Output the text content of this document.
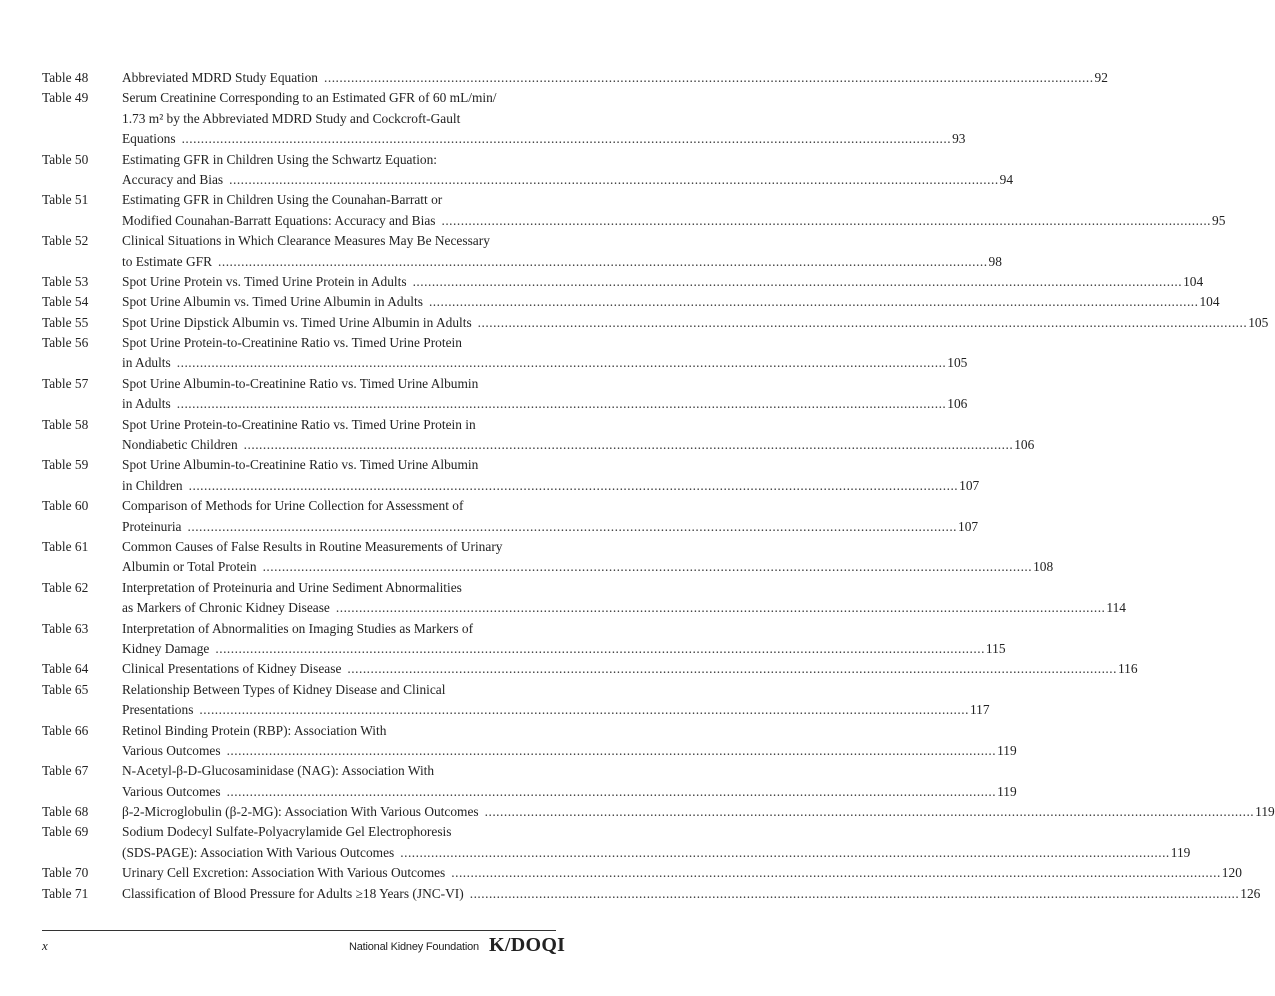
Table 48	Abbreviated MDRD Study Equation ........................................................................................................................................................................................................ 92
Table 49	Serum Creatinine Corresponding to an Estimated GFR of 60 mL/min/
1.73 m² by the Abbreviated MDRD Study and Cockcroft-Gault
Equations ........................................................................................................................................................................................................ 93
Table 50	Estimating GFR in Children Using the Schwartz Equation:
Accuracy and Bias ........................................................................................................................................................................................................ 94
Table 51	Estimating GFR in Children Using the Counahan-Barratt or
Modified Counahan-Barratt Equations: Accuracy and Bias ........................................................................................................................................................................................................ 95
Table 52	Clinical Situations in Which Clearance Measures May Be Necessary
to Estimate GFR ........................................................................................................................................................................................................ 98
Table 53	Spot Urine Protein vs. Timed Urine Protein in Adults ........................................................................................................................................................................................................ 104
Table 54	Spot Urine Albumin vs. Timed Urine Albumin in Adults ........................................................................................................................................................................................................ 104
Table 55	Spot Urine Dipstick Albumin vs. Timed Urine Albumin in Adults ........................................................................................................................................................................................................ 105
Table 56	Spot Urine Protein-to-Creatinine Ratio vs. Timed Urine Protein
in Adults ........................................................................................................................................................................................................ 105
Table 57	Spot Urine Albumin-to-Creatinine Ratio vs. Timed Urine Albumin
in Adults ........................................................................................................................................................................................................ 106
Table 58	Spot Urine Protein-to-Creatinine Ratio vs. Timed Urine Protein in
Nondiabetic Children ........................................................................................................................................................................................................ 106
Table 59	Spot Urine Albumin-to-Creatinine Ratio vs. Timed Urine Albumin
in Children ........................................................................................................................................................................................................ 107
Table 60	Comparison of Methods for Urine Collection for Assessment of
Proteinuria ........................................................................................................................................................................................................ 107
Table 61	Common Causes of False Results in Routine Measurements of Urinary
Albumin or Total Protein ........................................................................................................................................................................................................ 108
Table 62	Interpretation of Proteinuria and Urine Sediment Abnormalities
as Markers of Chronic Kidney Disease ........................................................................................................................................................................................................ 114
Table 63	Interpretation of Abnormalities on Imaging Studies as Markers of
Kidney Damage ........................................................................................................................................................................................................ 115
Table 64	Clinical Presentations of Kidney Disease ........................................................................................................................................................................................................ 116
Table 65	Relationship Between Types of Kidney Disease and Clinical
Presentations ........................................................................................................................................................................................................ 117
Table 66	Retinol Binding Protein (RBP): Association With
Various Outcomes ........................................................................................................................................................................................................ 119
Table 67	N-Acetyl-β-D-Glucosaminidase (NAG): Association With
Various Outcomes ........................................................................................................................................................................................................ 119
Table 68	β-2-Microglobulin (β-2-MG): Association With Various Outcomes ........................................................................................................................................................................................................ 119
Table 69	Sodium Dodecyl Sulfate-Polyacrylamide Gel Electrophoresis
(SDS-PAGE): Association With Various Outcomes ........................................................................................................................................................................................................ 119
Table 70	Urinary Cell Excretion: Association With Various Outcomes ........................................................................................................................................................................................................ 120
Table 71	Classification of Blood Pressure for Adults ≥18 Years (JNC-VI) ........................................................................................................................................................................................................ 126
x	National Kidney Foundation K/DOQI
